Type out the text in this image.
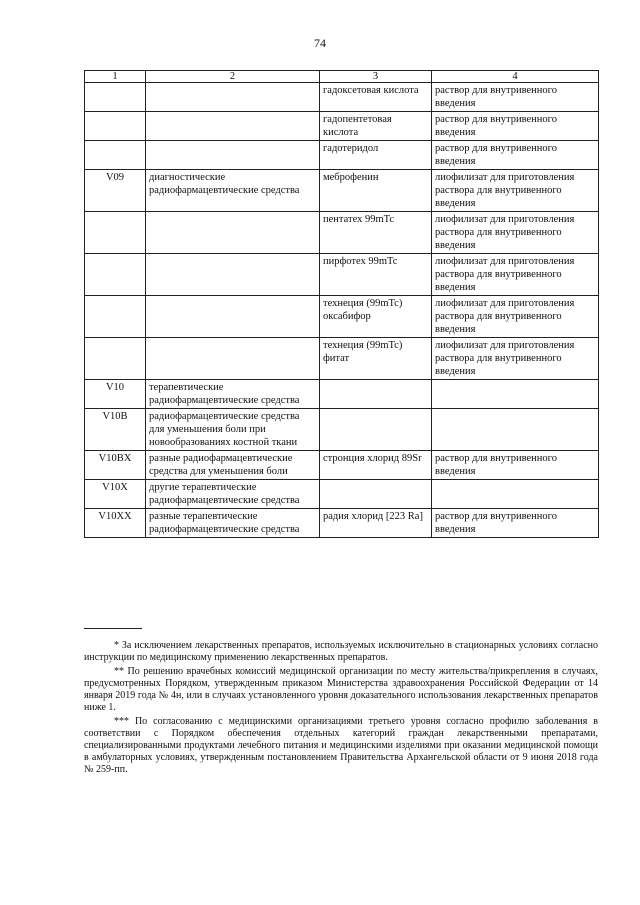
74
1	2	3	4
		гадоксетовая кислота	раствор для внутривенного введения
		гадопентетовая кислота	раствор для внутривенного введения
		гадотеридол	раствор для внутривенного введения
V09	диагностические радиофармацевтические средства	меброфенин	лиофилизат для приготовления раствора для внутривенного введения
		пентатех 99mTc	лиофилизат для приготовления раствора для внутривенного введения
		пирфотех 99mTc	лиофилизат для приготовления раствора для внутривенного введения
		технеция (99mTc) оксабифор	лиофилизат для приготовления раствора для внутривенного введения
		технеция (99mTc) фитат	лиофилизат для приготовления раствора для внутривенного введения
V10	терапевтические радиофармацевтические средства		
V10B	радиофармацевтические средства для уменьшения боли при новообразованиях костной ткани		
V10BX	разные радиофармацевтические средства для уменьшения боли	стронция хлорид 89Sr	раствор для внутривенного введения
V10X	другие терапевтические радиофармацевтические средства		
V10XX	разные терапевтические радиофармацевтические средства	радия хлорид [223 Ra]	раствор для внутривенного введения

* За исключением лекарственных препаратов, используемых исключительно в стационарных условиях согласно инструкции по медицинскому применению лекарственных препаратов.

** По решению врачебных комиссий медицинской организации по месту жительства/прикрепления в случаях, предусмотренных Порядком, утвержденным приказом Министерства здравоохранения Российской Федерации от 14 января 2019 года № 4н, или в случаях установленного уровня доказательного использования лекарственных препаратов ниже 1.

*** По согласованию с медицинскими организациями третьего уровня согласно профилю заболевания в соответствии с Порядком обеспечения отдельных категорий граждан лекарственными препаратами, специализированными продуктами лечебного питания и медицинскими изделиями при оказании медицинской помощи в амбулаторных условиях, утвержденным постановлением Правительства Архангельской области от 9 июня 2018 года № 259-пп.
